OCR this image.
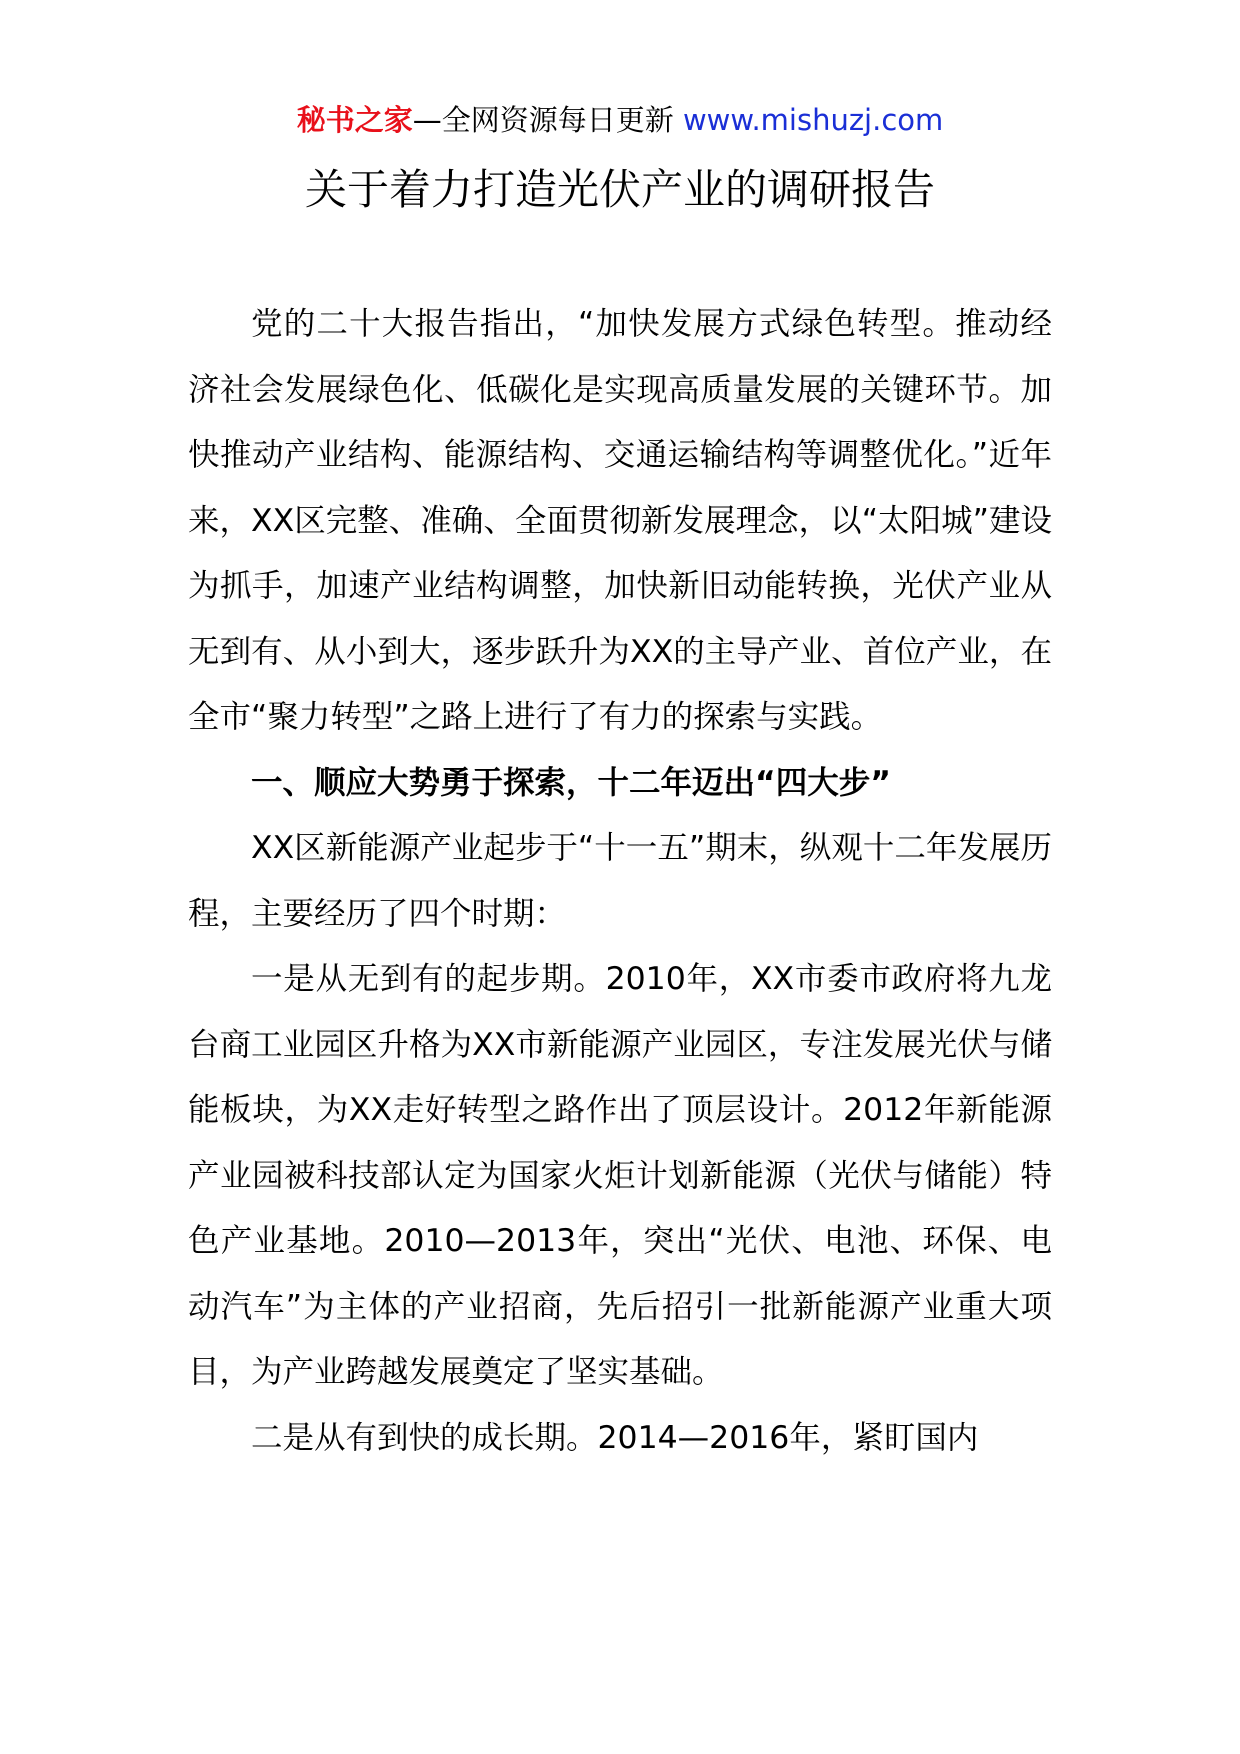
秘书之家—全网资源每日更新 www.mishuzj.com
关于着力打造光伏产业的调研报告

党的二十大报告指出，“加快发展方式绿色转型。推动经济社会发展绿色化、低碳化是实现高质量发展的关键环节。加快推动产业结构、能源结构、交通运输结构等调整优化。”近年来，XX区完整、准确、全面贯彻新发展理念，以“太阳城”建设为抓手，加速产业结构调整，加快新旧动能转换，光伏产业从无到有、从小到大，逐步跃升为XX的主导产业、首位产业，在全市“聚力转型”之路上进行了有力的探索与实践。

一、顺应大势勇于探索，十二年迈出“四大步”

XX区新能源产业起步于“十一五”期末，纵观十二年发展历程，主要经历了四个时期：

一是从无到有的起步期。2010年，XX市委市政府将九龙台商工业园区升格为XX市新能源产业园区，专注发展光伏与储能板块，为XX走好转型之路作出了顶层设计。2012年新能源产业园被科技部认定为国家火炬计划新能源（光伏与储能）特色产业基地。2010—2013年，突出“光伏、电池、环保、电动汽车”为主体的产业招商，先后招引一批新能源产业重大项目，为产业跨越发展奠定了坚实基础。

二是从有到快的成长期。2014—2016年，紧盯国内
